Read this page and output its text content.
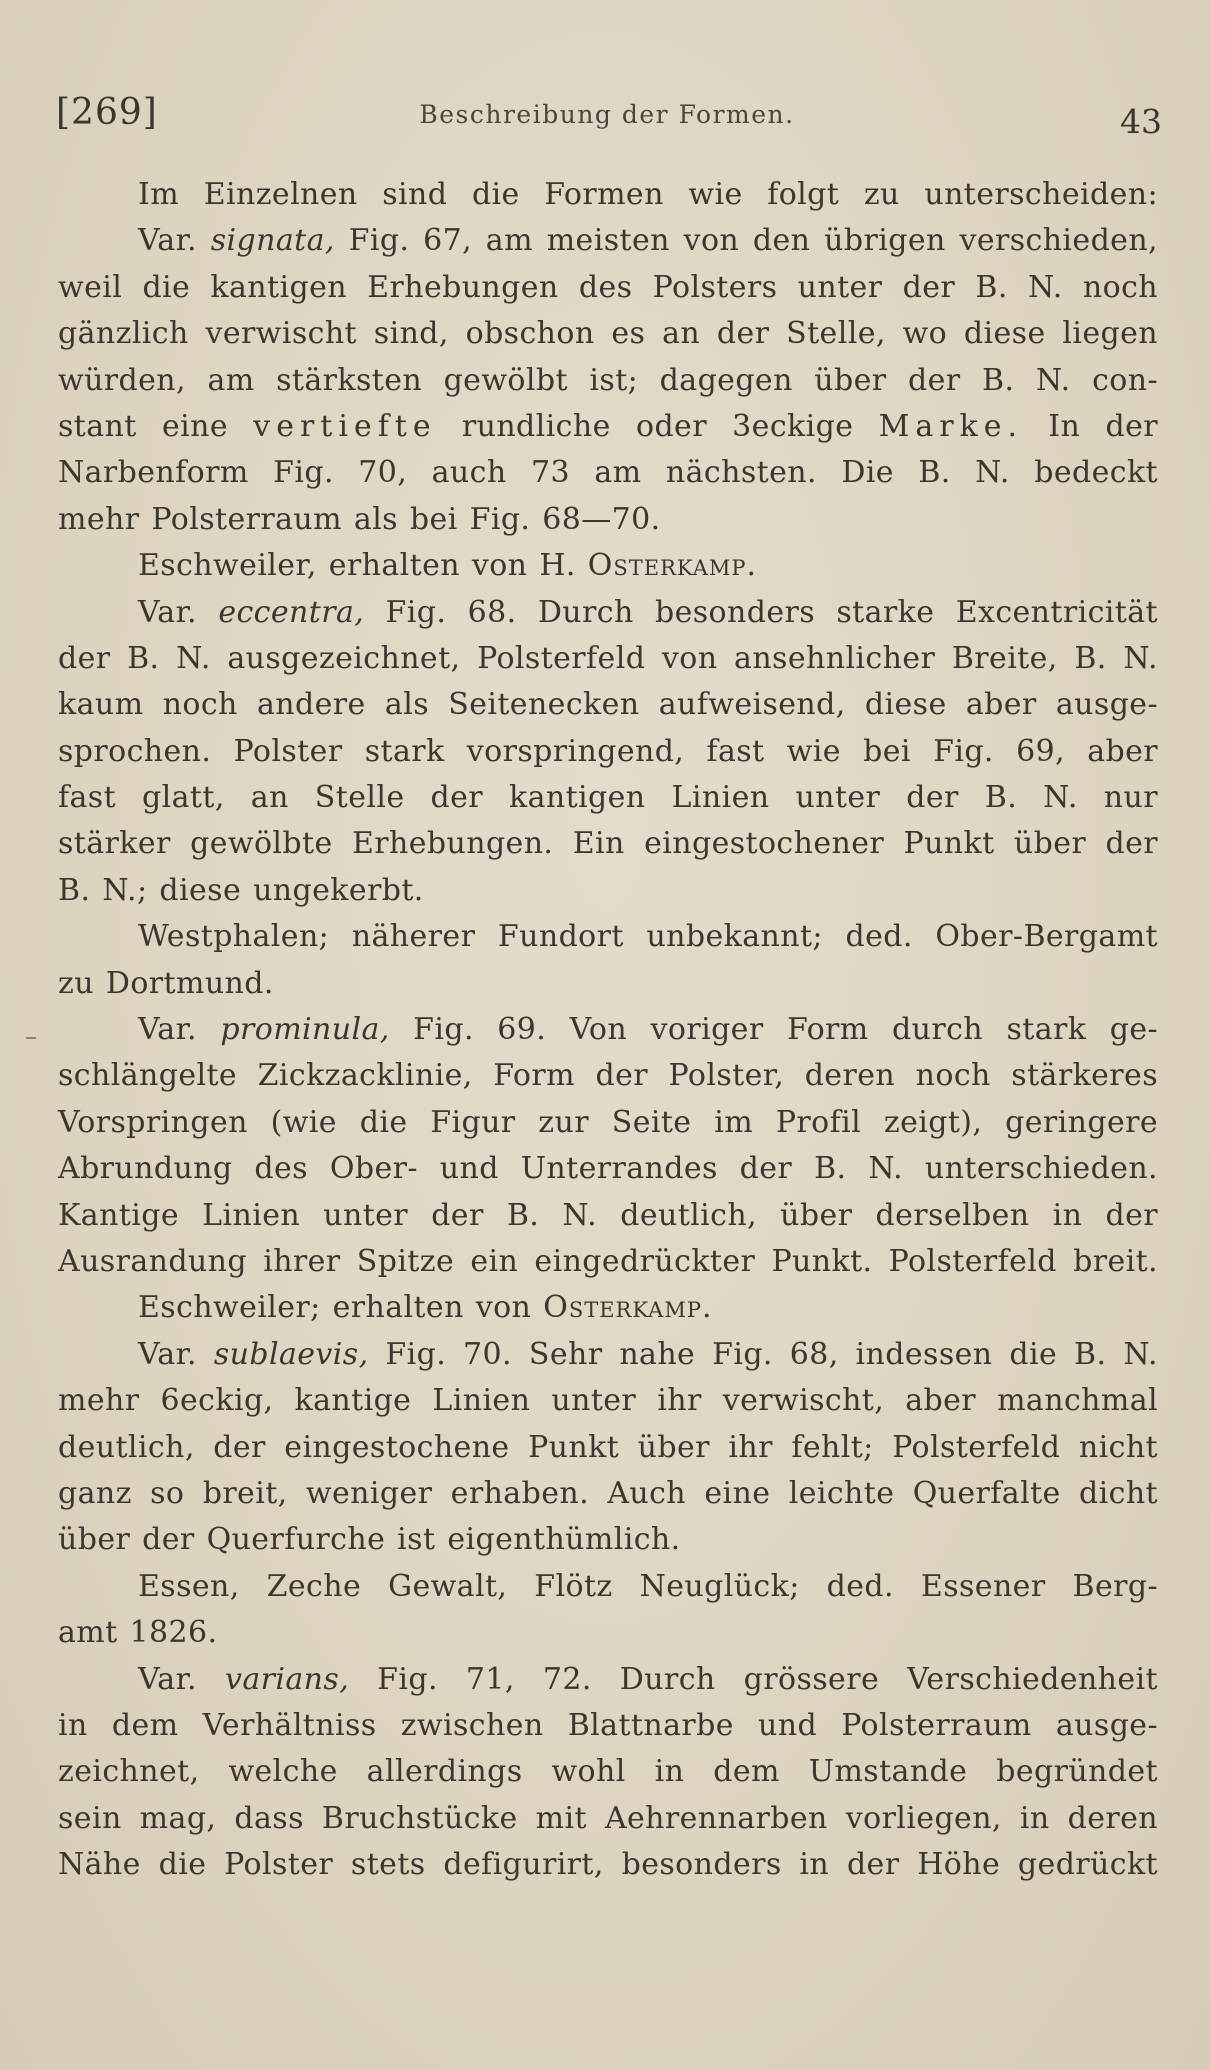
[269]	Beschreibung der Formen.	43
Im Einzelnen sind die Formen wie folgt zu unterscheiden:
Var. signata, Fig. 67, am meisten von den übrigen verschieden,
weil die kantigen Erhebungen des Polsters unter der B. N. noch
gänzlich verwischt sind, obschon es an der Stelle, wo diese liegen
würden, am stärksten gewölbt ist; dagegen über der B. N. con-
stant eine vertiefte rundliche oder 3eckige Marke. In der
Narbenform Fig. 70, auch 73 am nächsten. Die B. N. bedeckt
mehr Polsterraum als bei Fig. 68—70.
Eschweiler, erhalten von H. Osterkamp.
Var. eccentra, Fig. 68. Durch besonders starke Excentricität
der B. N. ausgezeichnet, Polsterfeld von ansehnlicher Breite, B. N.
kaum noch andere als Seitenecken aufweisend, diese aber ausge-
sprochen. Polster stark vorspringend, fast wie bei Fig. 69, aber
fast glatt, an Stelle der kantigen Linien unter der B. N. nur
stärker gewölbte Erhebungen. Ein eingestochener Punkt über der
B. N.; diese ungekerbt.
Westphalen; näherer Fundort unbekannt; ded. Ober-Bergamt
zu Dortmund.
Var. prominula, Fig. 69. Von voriger Form durch stark ge-
schlängelte Zickzacklinie, Form der Polster, deren noch stärkeres
Vorspringen (wie die Figur zur Seite im Profil zeigt), geringere
Abrundung des Ober- und Unterrandes der B. N. unterschieden.
Kantige Linien unter der B. N. deutlich, über derselben in der
Ausrandung ihrer Spitze ein eingedrückter Punkt. Polsterfeld breit.
Eschweiler; erhalten von Osterkamp.
Var. sublaevis, Fig. 70. Sehr nahe Fig. 68, indessen die B. N.
mehr 6eckig, kantige Linien unter ihr verwischt, aber manchmal
deutlich, der eingestochene Punkt über ihr fehlt; Polsterfeld nicht
ganz so breit, weniger erhaben. Auch eine leichte Querfalte dicht
über der Querfurche ist eigenthümlich.
Essen, Zeche Gewalt, Flötz Neuglück; ded. Essener Berg-
amt 1826.
Var. varians, Fig. 71, 72. Durch grössere Verschiedenheit
in dem Verhältniss zwischen Blattnarbe und Polsterraum ausge-
zeichnet, welche allerdings wohl in dem Umstande begründet
sein mag, dass Bruchstücke mit Aehrennarben vorliegen, in deren
Nähe die Polster stets defigurirt, besonders in der Höhe gedrückt
